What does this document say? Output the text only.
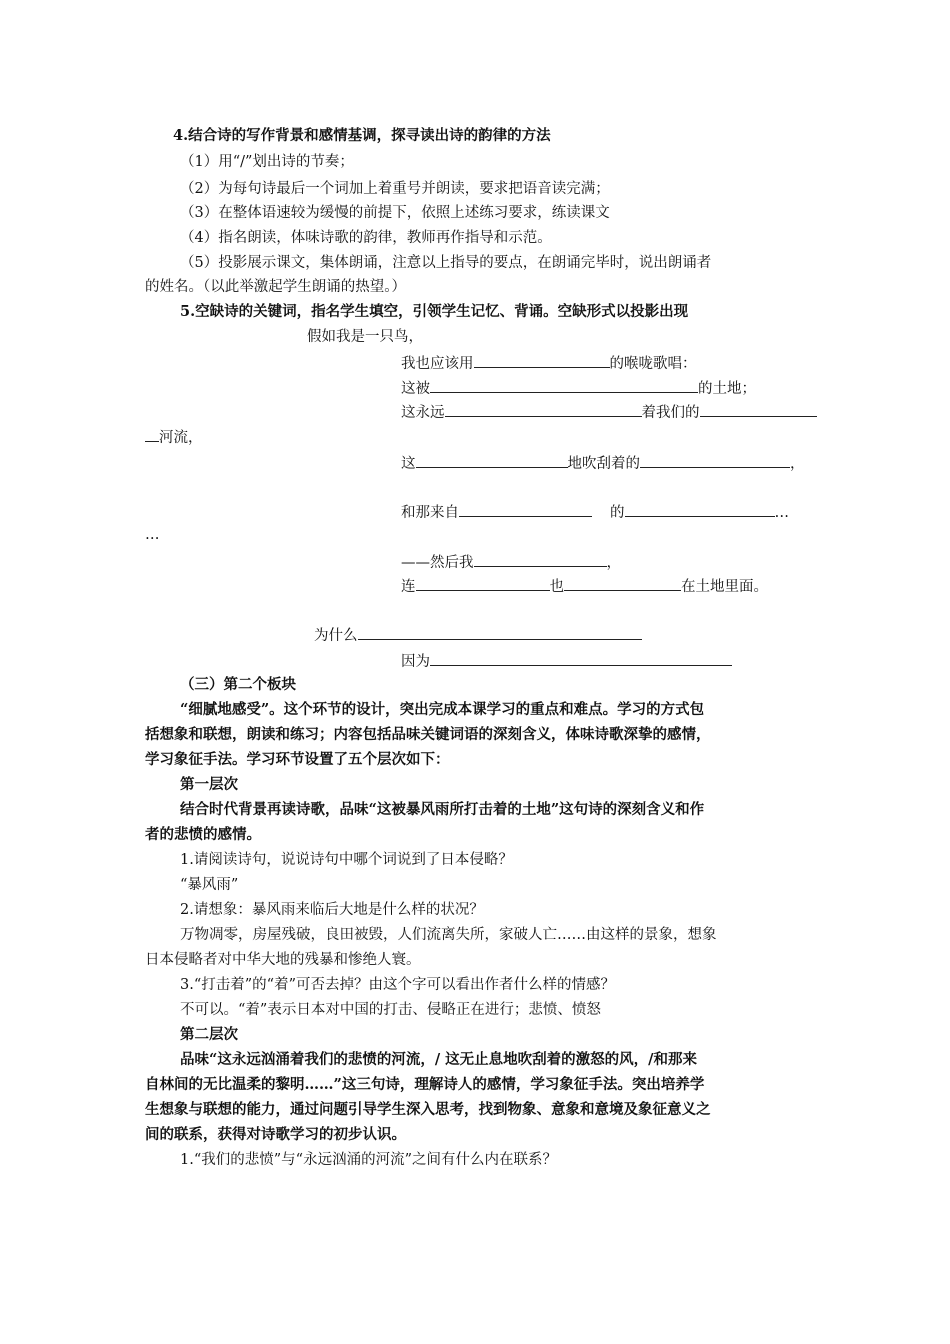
4.结合诗的写作背景和感情基调，探寻读出诗的韵律的方法
（1）用“/”划出诗的节奏；
（2）为每句诗最后一个词加上着重号并朗读，要求把语音读完满；
（3）在整体语速较为缓慢的前提下，依照上述练习要求，练读课文
（4）指名朗读，体味诗歌的韵律，教师再作指导和示范。
（5）投影展示课文，集体朗诵，注意以上指导的要点，在朗诵完毕时，说出朗诵者
的姓名。（以此举激起学生朗诵的热望。）
5.空缺诗的关键词，指名学生填空，引领学生记忆、背诵。空缺形式以投影出现
假如我是一只鸟，
我也应该用	的喉咙歌唱：
这被	的土地；
这永远	着我们的
河流，
这	地吹刮着的	，
和那来自	的	…
…
——然后我	，
连	也	在土地里面。
为什么
因为
（三）第二个板块
“细腻地感受”。这个环节的设计，突出完成本课学习的重点和难点。学习的方式包
括想象和联想，朗读和练习；内容包括品味关键词语的深刻含义，体味诗歌深挚的感情，
学习象征手法。学习环节设置了五个层次如下：
第一层次
结合时代背景再读诗歌，品味“这被暴风雨所打击着的土地”这句诗的深刻含义和作
者的悲愤的感情。
1.请阅读诗句，说说诗句中哪个词说到了日本侵略？
“暴风雨”
2.请想象：暴风雨来临后大地是什么样的状况？
万物凋零，房屋残破，良田被毁，人们流离失所，家破人亡……由这样的景象，想象
日本侵略者对中华大地的残暴和惨绝人寰。
3.“打击着”的“着”可否去掉？由这个字可以看出作者什么样的情感？
不可以。“着”表示日本对中国的打击、侵略正在进行；悲愤、愤怒
第二层次
品味“这永远汹涌着我们的悲愤的河流，/ 这无止息地吹刮着的激怒的风，/和那来
自林间的无比温柔的黎明……”这三句诗，理解诗人的感情，学习象征手法。突出培养学
生想象与联想的能力，通过问题引导学生深入思考，找到物象、意象和意境及象征意义之
间的联系，获得对诗歌学习的初步认识。
1.“我们的悲愤”与“永远汹涌的河流”之间有什么内在联系？
